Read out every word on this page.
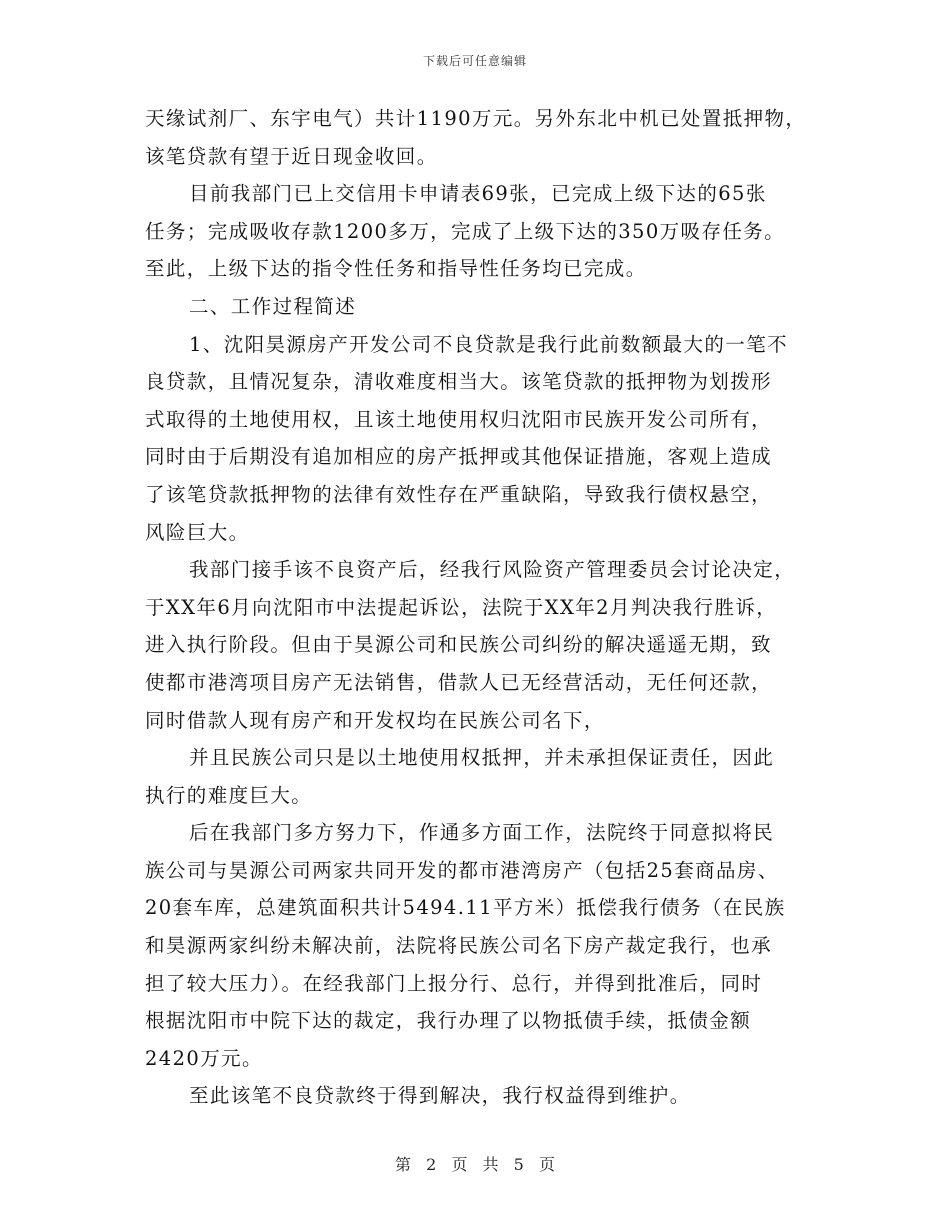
下载后可任意编辑
天缘试剂厂、东宇电气）共计1190万元。另外东北中机已处置抵押物，
该笔贷款有望于近日现金收回。
目前我部门已上交信用卡申请表69张，已完成上级下达的65张
任务；完成吸收存款1200多万，完成了上级下达的350万吸存任务。
至此，上级下达的指令性任务和指导性任务均已完成。
二、工作过程简述
1、沈阳昊源房产开发公司不良贷款是我行此前数额最大的一笔不
良贷款，且情况复杂，清收难度相当大。该笔贷款的抵押物为划拨形
式取得的土地使用权，且该土地使用权归沈阳市民族开发公司所有，
同时由于后期没有追加相应的房产抵押或其他保证措施，客观上造成
了该笔贷款抵押物的法律有效性存在严重缺陷，导致我行债权悬空，
风险巨大。
我部门接手该不良资产后，经我行风险资产管理委员会讨论决定，
于XX年6月向沈阳市中法提起诉讼，法院于XX年2月判决我行胜诉，
进入执行阶段。但由于昊源公司和民族公司纠纷的解决遥遥无期，致
使都市港湾项目房产无法销售，借款人已无经营活动，无任何还款，
同时借款人现有房产和开发权均在民族公司名下，
并且民族公司只是以土地使用权抵押，并未承担保证责任，因此
执行的难度巨大。
后在我部门多方努力下，作通多方面工作，法院终于同意拟将民
族公司与昊源公司两家共同开发的都市港湾房产（包括25套商品房、
20套车库，总建筑面积共计5494.11平方米）抵偿我行债务（在民族
和昊源两家纠纷未解决前，法院将民族公司名下房产裁定我行，也承
担了较大压力）。在经我部门上报分行、总行，并得到批准后，同时
根据沈阳市中院下达的裁定，我行办理了以物抵债手续，抵债金额
2420万元。
至此该笔不良贷款终于得到解决，我行权益得到维护。
第 2 页 共 5 页
